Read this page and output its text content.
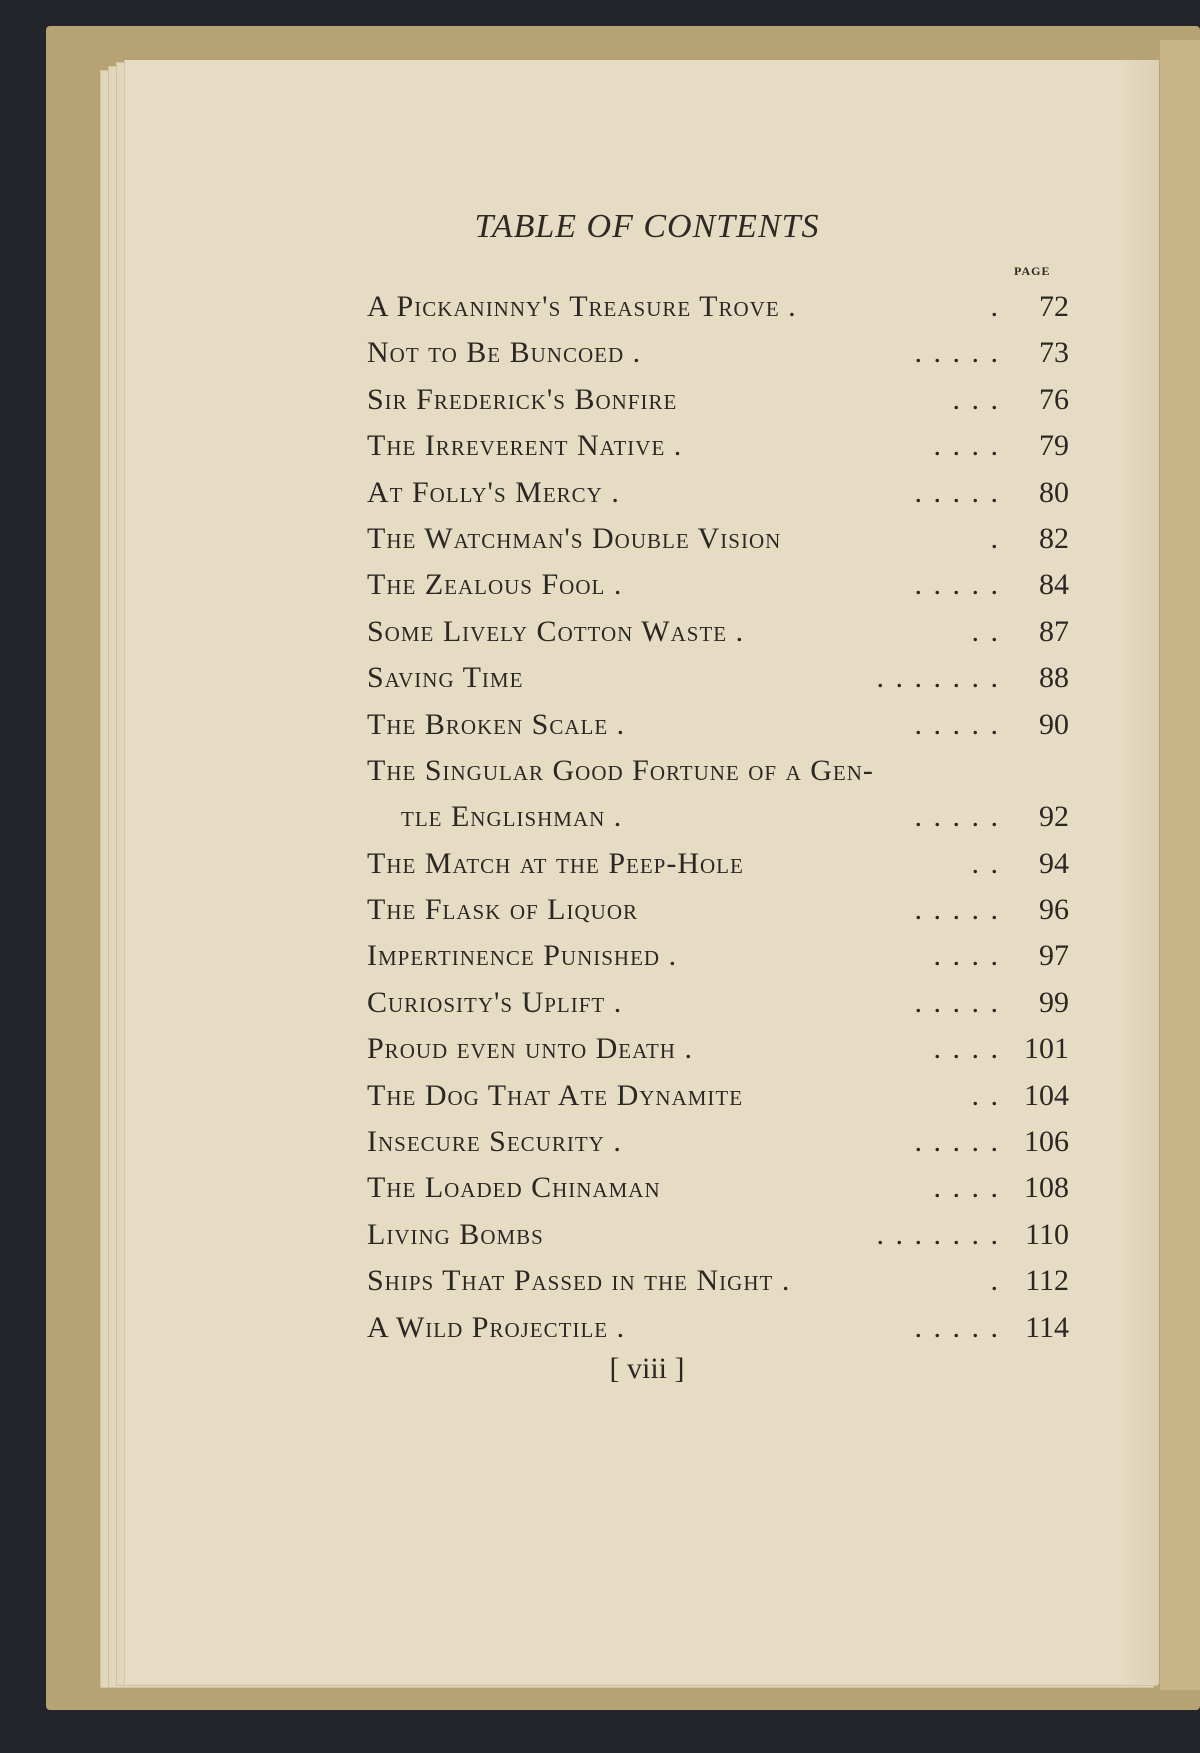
TABLE OF CONTENTS
PAGE
A Pickaninny's Treasure Trove .	.	72
Not to Be Buncoed .	. . . . .	73
Sir Frederick's Bonfire	. . .	76
The Irreverent Native .	. . . .	79
At Folly's Mercy .	. . . . .	80
The Watchman's Double Vision	.	82
The Zealous Fool .	. . . . .	84
Some Lively Cotton Waste .	. .	87
Saving Time	. . . . . . .	88
The Broken Scale .	. . . . .	90
The Singular Good Fortune of a Gen-
tle Englishman .	. . . . .	92
The Match at the Peep-Hole	. .	94
The Flask of Liquor	. . . . .	96
Impertinence Punished .	. . . .	97
Curiosity's Uplift .	. . . . .	99
Proud even unto Death .	. . . . 101
The Dog That Ate Dynamite	. . 104
Insecure Security .	. . . . . 106
The Loaded Chinaman	. . . . 108
Living Bombs	. . . . . . . 110
Ships That Passed in the Night .	. 112
A Wild Projectile .	. . . . . 114
[ viii ]
